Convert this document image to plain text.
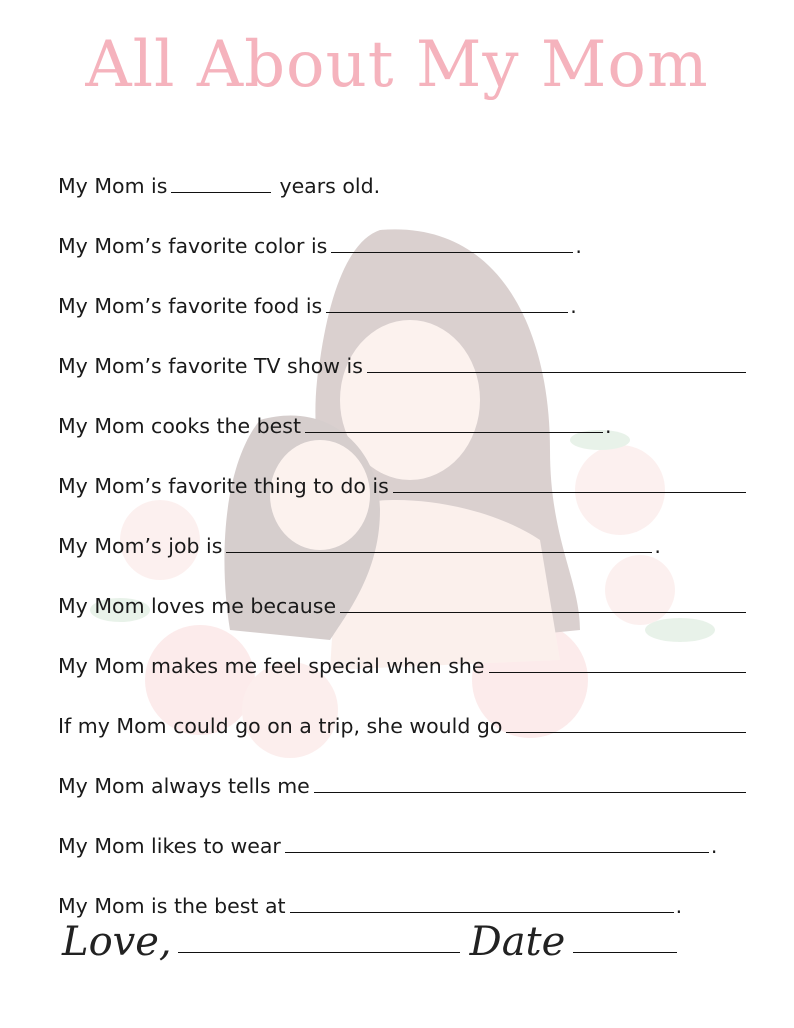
All About My Mom
My Mom is	years old.
My Mom’s favorite color is	.
My Mom’s favorite food is	.
My Mom’s favorite TV show is
My Mom cooks the best	.
My Mom’s favorite thing to do is
My Mom’s job is	.
My Mom loves me because
My Mom makes me feel special when she
If my Mom could go on a trip, she would go
My Mom always tells me
My Mom likes to wear	.
My Mom is the best at	.
Love,	Date
